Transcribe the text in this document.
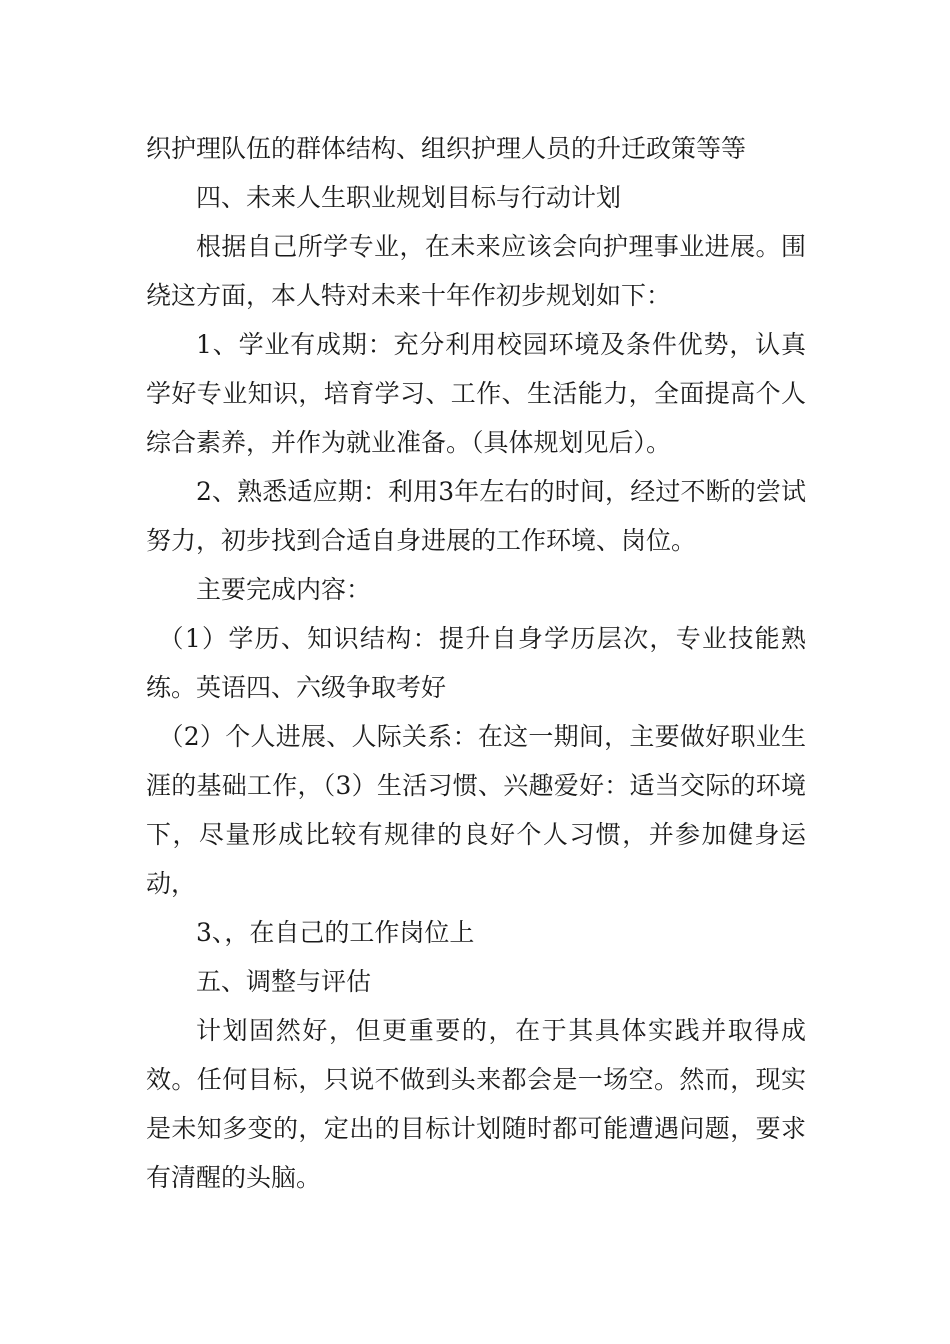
织护理队伍的群体结构、组织护理人员的升迁政策等等

四、未来人生职业规划目标与行动计划

根据自己所学专业，在未来应该会向护理事业进展。围绕这方面，本人特对未来十年作初步规划如下：

1、学业有成期：充分利用校园环境及条件优势，认真学好专业知识，培育学习、工作、生活能力，全面提高个人综合素养，并作为就业准备。（具体规划见后）。

2、熟悉适应期：利用3年左右的时间，经过不断的尝试努力，初步找到合适自身进展的工作环境、岗位。

主要完成内容：

（1）学历、知识结构：提升自身学历层次，专业技能熟练。英语四、六级争取考好

（2）个人进展、人际关系：在这一期间，主要做好职业生涯的基础工作，（3）生活习惯、兴趣爱好：适当交际的环境下，尽量形成比较有规律的良好个人习惯，并参加健身运动，

3、，在自己的工作岗位上

五、调整与评估

计划固然好，但更重要的，在于其具体实践并取得成效。任何目标，只说不做到头来都会是一场空。然而，现实是未知多变的，定出的目标计划随时都可能遭遇问题，要求有清醒的头脑。
